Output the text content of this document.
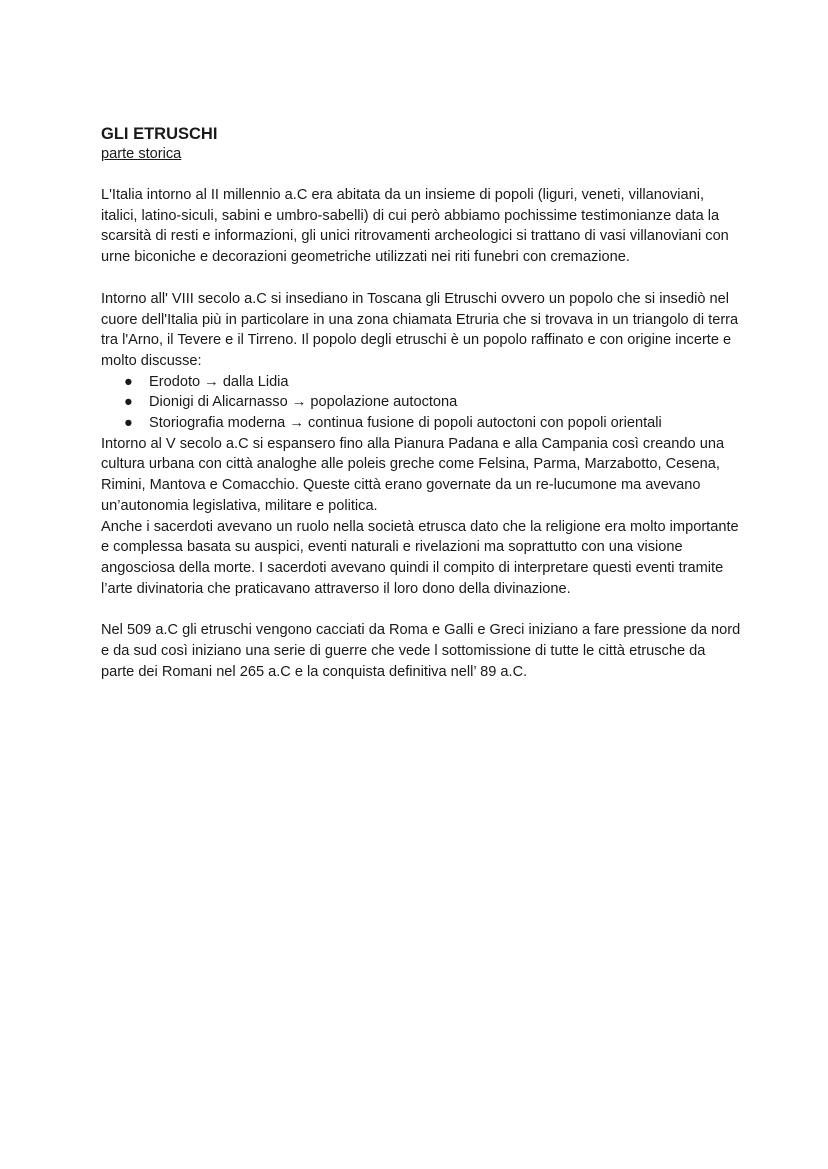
GLI ETRUSCHI

parte storica

L'Italia intorno al II millennio a.C era abitata da un insieme di popoli (liguri, veneti, villanoviani, italici, latino-siculi, sabini e umbro-sabelli) di cui però abbiamo pochissime testimonianze data la scarsità di resti e informazioni, gli unici ritrovamenti archeologici si trattano di vasi villanoviani con urne biconiche e decorazioni geometriche utilizzati nei riti funebri con cremazione.

Intorno all' VIII secolo a.C si insediano in Toscana gli Etruschi ovvero un popolo che si insediò nel cuore dell'Italia più in particolare in una zona chiamata Etruria che si trovava in un triangolo di terra tra l'Arno, il Tevere e il Tirreno. Il popolo degli etruschi è un popolo raffinato e con origine incerte e molto discusse:

● Erodoto → dalla Lidia
● Dionigi di Alicarnasso → popolazione autoctona
● Storiografia moderna → continua fusione di popoli autoctoni con popoli orientali

Intorno al V secolo a.C si espansero fino alla Pianura Padana e alla Campania così creando una cultura urbana con città analoghe alle poleis greche come Felsina, Parma, Marzabotto, Cesena, Rimini, Mantova e Comacchio. Queste città erano governate da un re-lucumone ma avevano un’autonomia legislativa, militare e politica.

Anche i sacerdoti avevano un ruolo nella società etrusca dato che la religione era molto importante e complessa basata su auspici, eventi naturali e rivelazioni ma soprattutto con una visione angosciosa della morte. I sacerdoti avevano quindi il compito di interpretare questi eventi tramite l’arte divinatoria che praticavano attraverso il loro dono della divinazione.

Nel 509 a.C gli etruschi vengono cacciati da Roma e Galli e Greci iniziano a fare pressione da nord e da sud così iniziano una serie di guerre che vede l sottomissione di tutte le città etrusche da parte dei Romani nel 265 a.C e la conquista definitiva nell’ 89 a.C.
